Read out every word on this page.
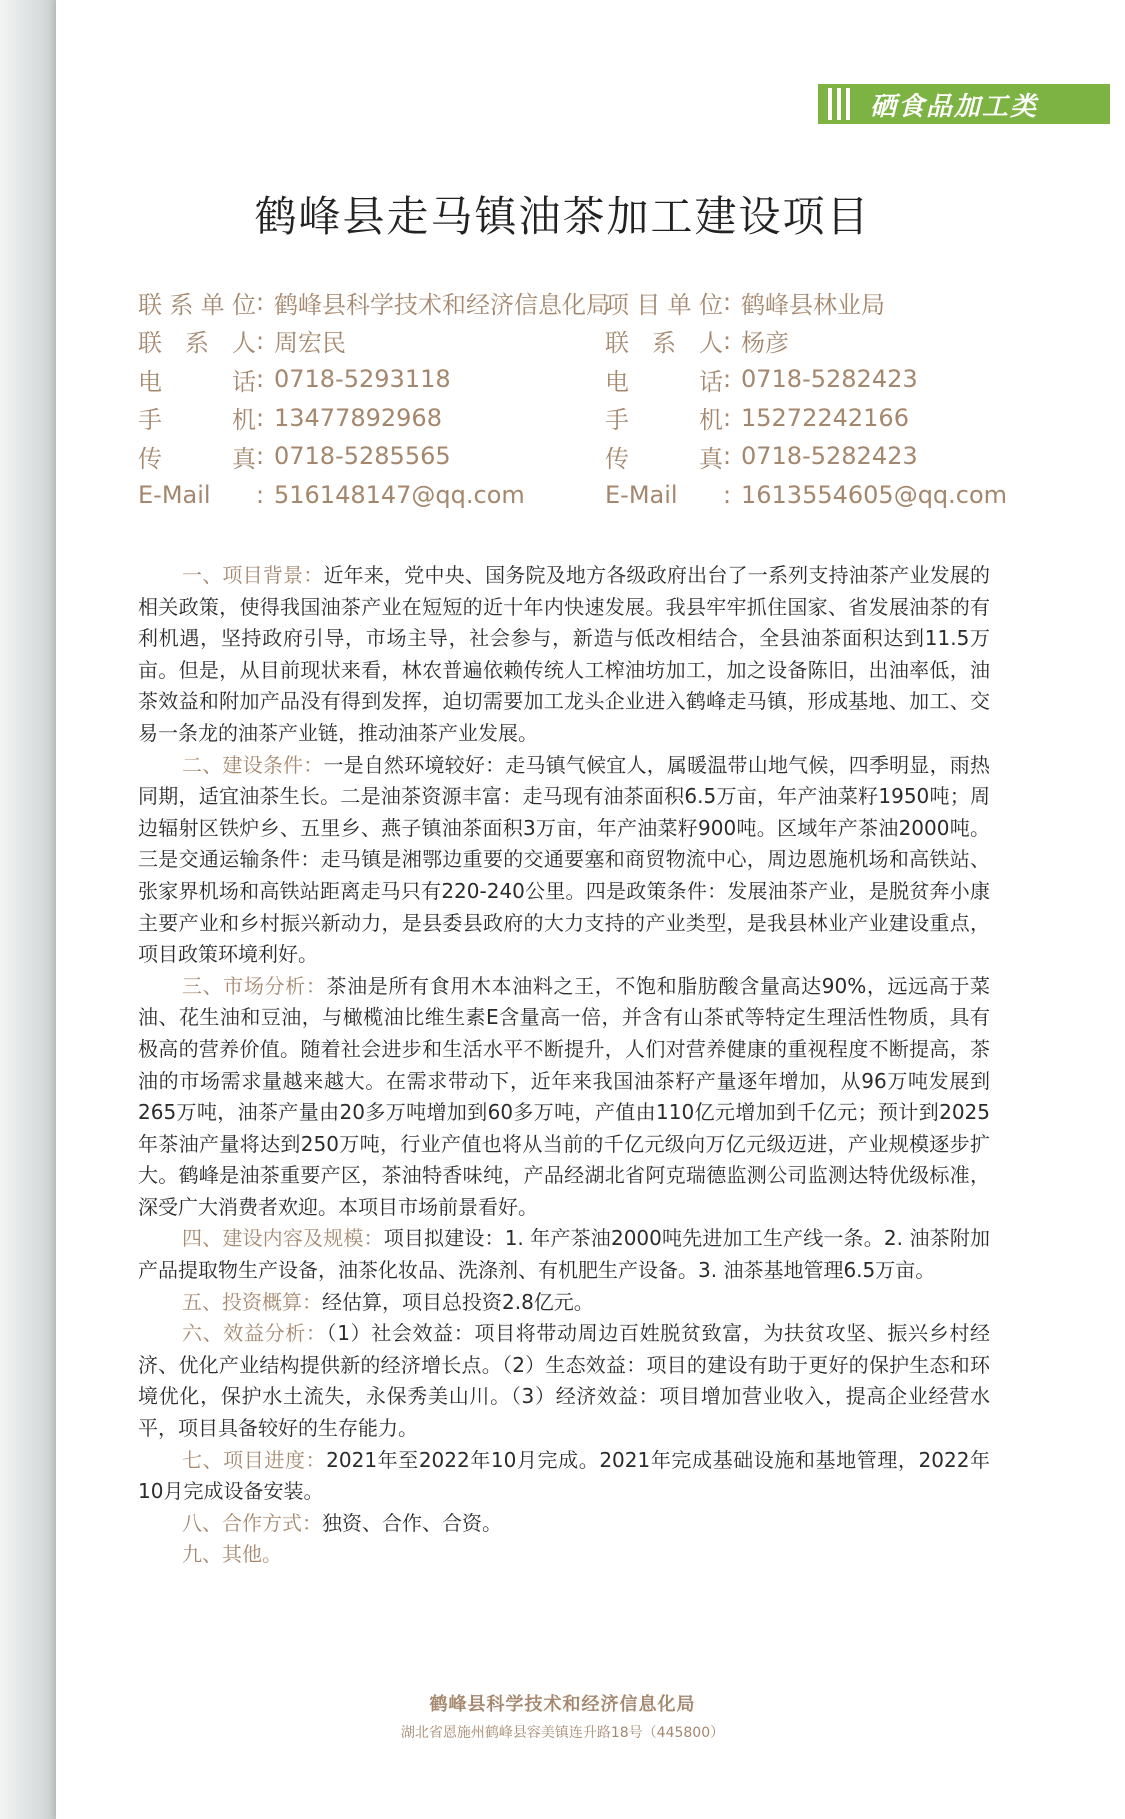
硒食品加工类
鹤峰县走马镇油茶加工建设项目
联系单位 : 鹤峰县科学技术和经济信息化局
联系人 : 周宏民
电话 : 0718-5293118
手机 : 13477892968
传真 : 0718-5285565
E-Mail	: 516148147@qq.com
项目单位 : 鹤峰县林业局
联系人 : 杨彦
电话 : 0718-5282423
手机 : 15272242166
传真 : 0718-5282423
E-Mail	: 1613554605@qq.com

一、项目背景：近年来，党中央、国务院及地方各级政府出台了一系列支持油茶产业发展的相关政策，使得我国油茶产业在短短的近十年内快速发展。我县牢牢抓住国家、省发展油茶的有利机遇，坚持政府引导，市场主导，社会参与，新造与低改相结合，全县油茶面积达到11.5万亩。但是，从目前现状来看，林农普遍依赖传统人工榨油坊加工，加之设备陈旧，出油率低，油茶效益和附加产品没有得到发挥，迫切需要加工龙头企业进入鹤峰走马镇，形成基地、加工、交易一条龙的油茶产业链，推动油茶产业发展。

二、建设条件：一是自然环境较好：走马镇气候宜人，属暖温带山地气候，四季明显，雨热同期，适宜油茶生长。二是油茶资源丰富：走马现有油茶面积6.5万亩，年产油菜籽1950吨；周边辐射区铁炉乡、五里乡、燕子镇油茶面积3万亩，年产油菜籽900吨。区域年产茶油2000吨。三是交通运输条件：走马镇是湘鄂边重要的交通要塞和商贸物流中心，周边恩施机场和高铁站、张家界机场和高铁站距离走马只有220-240公里。四是政策条件：发展油茶产业，是脱贫奔小康主要产业和乡村振兴新动力，是县委县政府的大力支持的产业类型，是我县林业产业建设重点，项目政策环境利好。

三、市场分析：茶油是所有食用木本油料之王，不饱和脂肪酸含量高达90%，远远高于菜油、花生油和豆油，与橄榄油比维生素E含量高一倍，并含有山茶甙等特定生理活性物质，具有极高的营养价值。随着社会进步和生活水平不断提升，人们对营养健康的重视程度不断提高，茶油的市场需求量越来越大。在需求带动下，近年来我国油茶籽产量逐年增加，从96万吨发展到265万吨，油茶产量由20多万吨增加到60多万吨，产值由110亿元增加到千亿元；预计到2025年茶油产量将达到250万吨，行业产值也将从当前的千亿元级向万亿元级迈进，产业规模逐步扩大。鹤峰是油茶重要产区，茶油特香味纯，产品经湖北省阿克瑞德监测公司监测达特优级标准，深受广大消费者欢迎。本项目市场前景看好。

四、建设内容及规模：项目拟建设：1. 年产茶油2000吨先进加工生产线一条。2. 油茶附加产品提取物生产设备，油茶化妆品、洗涤剂、有机肥生产设备。3. 油茶基地管理6.5万亩。

五、投资概算：经估算，项目总投资2.8亿元。

六、效益分析：（1）社会效益：项目将带动周边百姓脱贫致富，为扶贫攻坚、振兴乡村经济、优化产业结构提供新的经济增长点。（2）生态效益：项目的建设有助于更好的保护生态和环境优化，保护水土流失，永保秀美山川。（3）经济效益：项目增加营业收入，提高企业经营水平，项目具备较好的生存能力。

七、项目进度：2021年至2022年10月完成。2021年完成基础设施和基地管理，2022年10月完成设备安装。

八、合作方式：独资、合作、合资。

九、其他。

鹤峰县科学技术和经济信息化局
湖北省恩施州鹤峰县容美镇连升路18号（445800）
